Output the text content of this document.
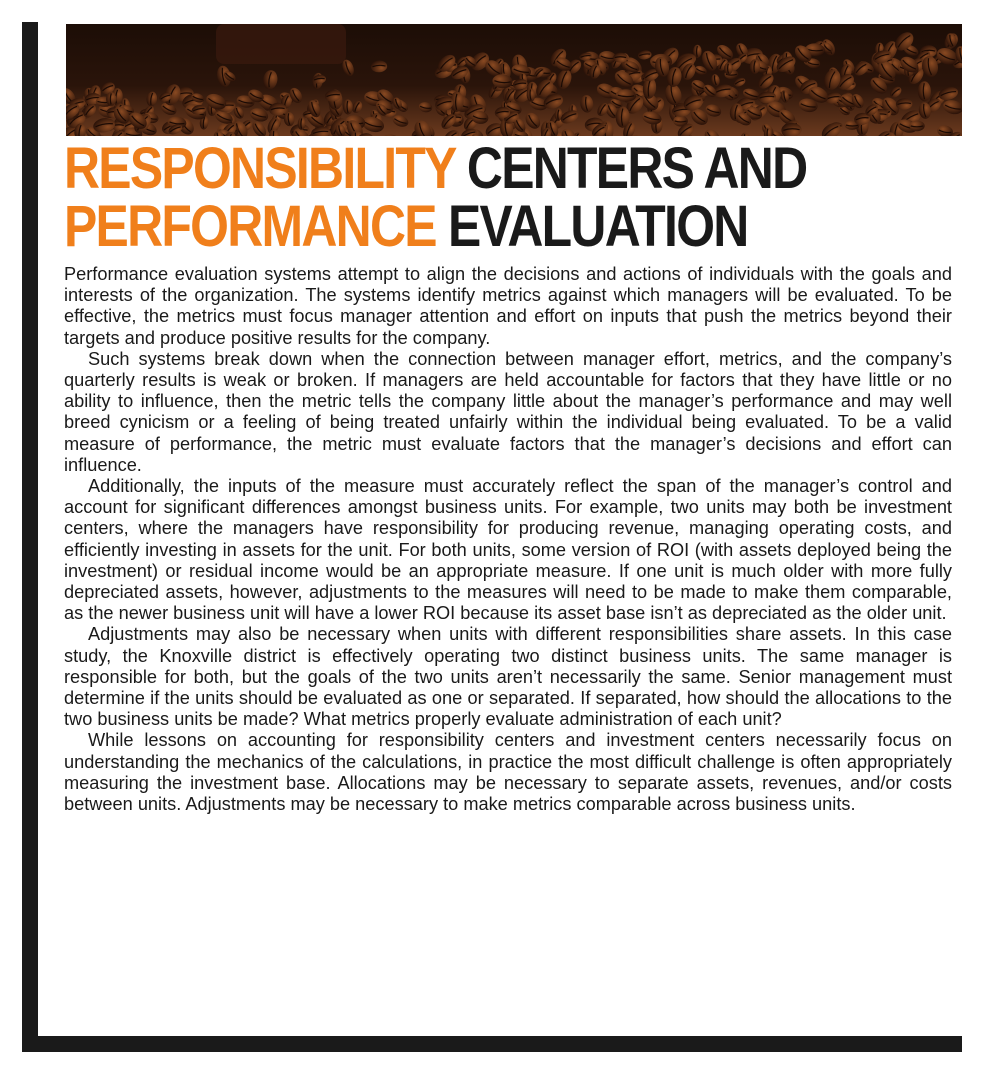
RESPONSIBILITY CENTERS AND
PERFORMANCE EVALUATION

Performance evaluation systems attempt to align the decisions and actions of individuals with the goals and interests of the organization. The systems identify metrics against which managers will be evaluated. To be effective, the metrics must focus manager attention and effort on inputs that push the metrics beyond their targets and produce positive results for the company.

Such systems break down when the connection between manager effort, metrics, and the company’s quarterly results is weak or broken. If managers are held accountable for factors that they have little or no ability to influence, then the metric tells the company little about the manager’s performance and may well breed cynicism or a feeling of being treated unfairly within the individual being evaluated. To be a valid measure of performance, the metric must evaluate factors that the manager’s decisions and effort can influence.

Additionally, the inputs of the measure must accurately reflect the span of the manager’s control and account for significant differences amongst business units. For example, two units may both be investment centers, where the managers have responsibility for producing revenue, managing operating costs, and efficiently investing in assets for the unit. For both units, some version of ROI (with assets deployed being the investment) or residual income would be an appropriate measure. If one unit is much older with more fully depreciated assets, however, adjustments to the measures will need to be made to make them comparable, as the newer business unit will have a lower ROI because its asset base isn’t as depreciated as the older unit.

Adjustments may also be necessary when units with different responsibilities share assets. In this case study, the Knoxville district is effectively operating two distinct business units. The same manager is responsible for both, but the goals of the two units aren’t necessarily the same. Senior management must determine if the units should be evaluated as one or separated. If separated, how should the allocations to the two business units be made? What metrics properly evaluate administration of each unit?

While lessons on accounting for responsibility centers and investment centers necessarily focus on understanding the mechanics of the calculations, in practice the most difficult challenge is often appropriately measuring the investment base. Allocations may be necessary to separate assets, revenues, and/or costs between units. Adjustments may be necessary to make metrics comparable across business units.
